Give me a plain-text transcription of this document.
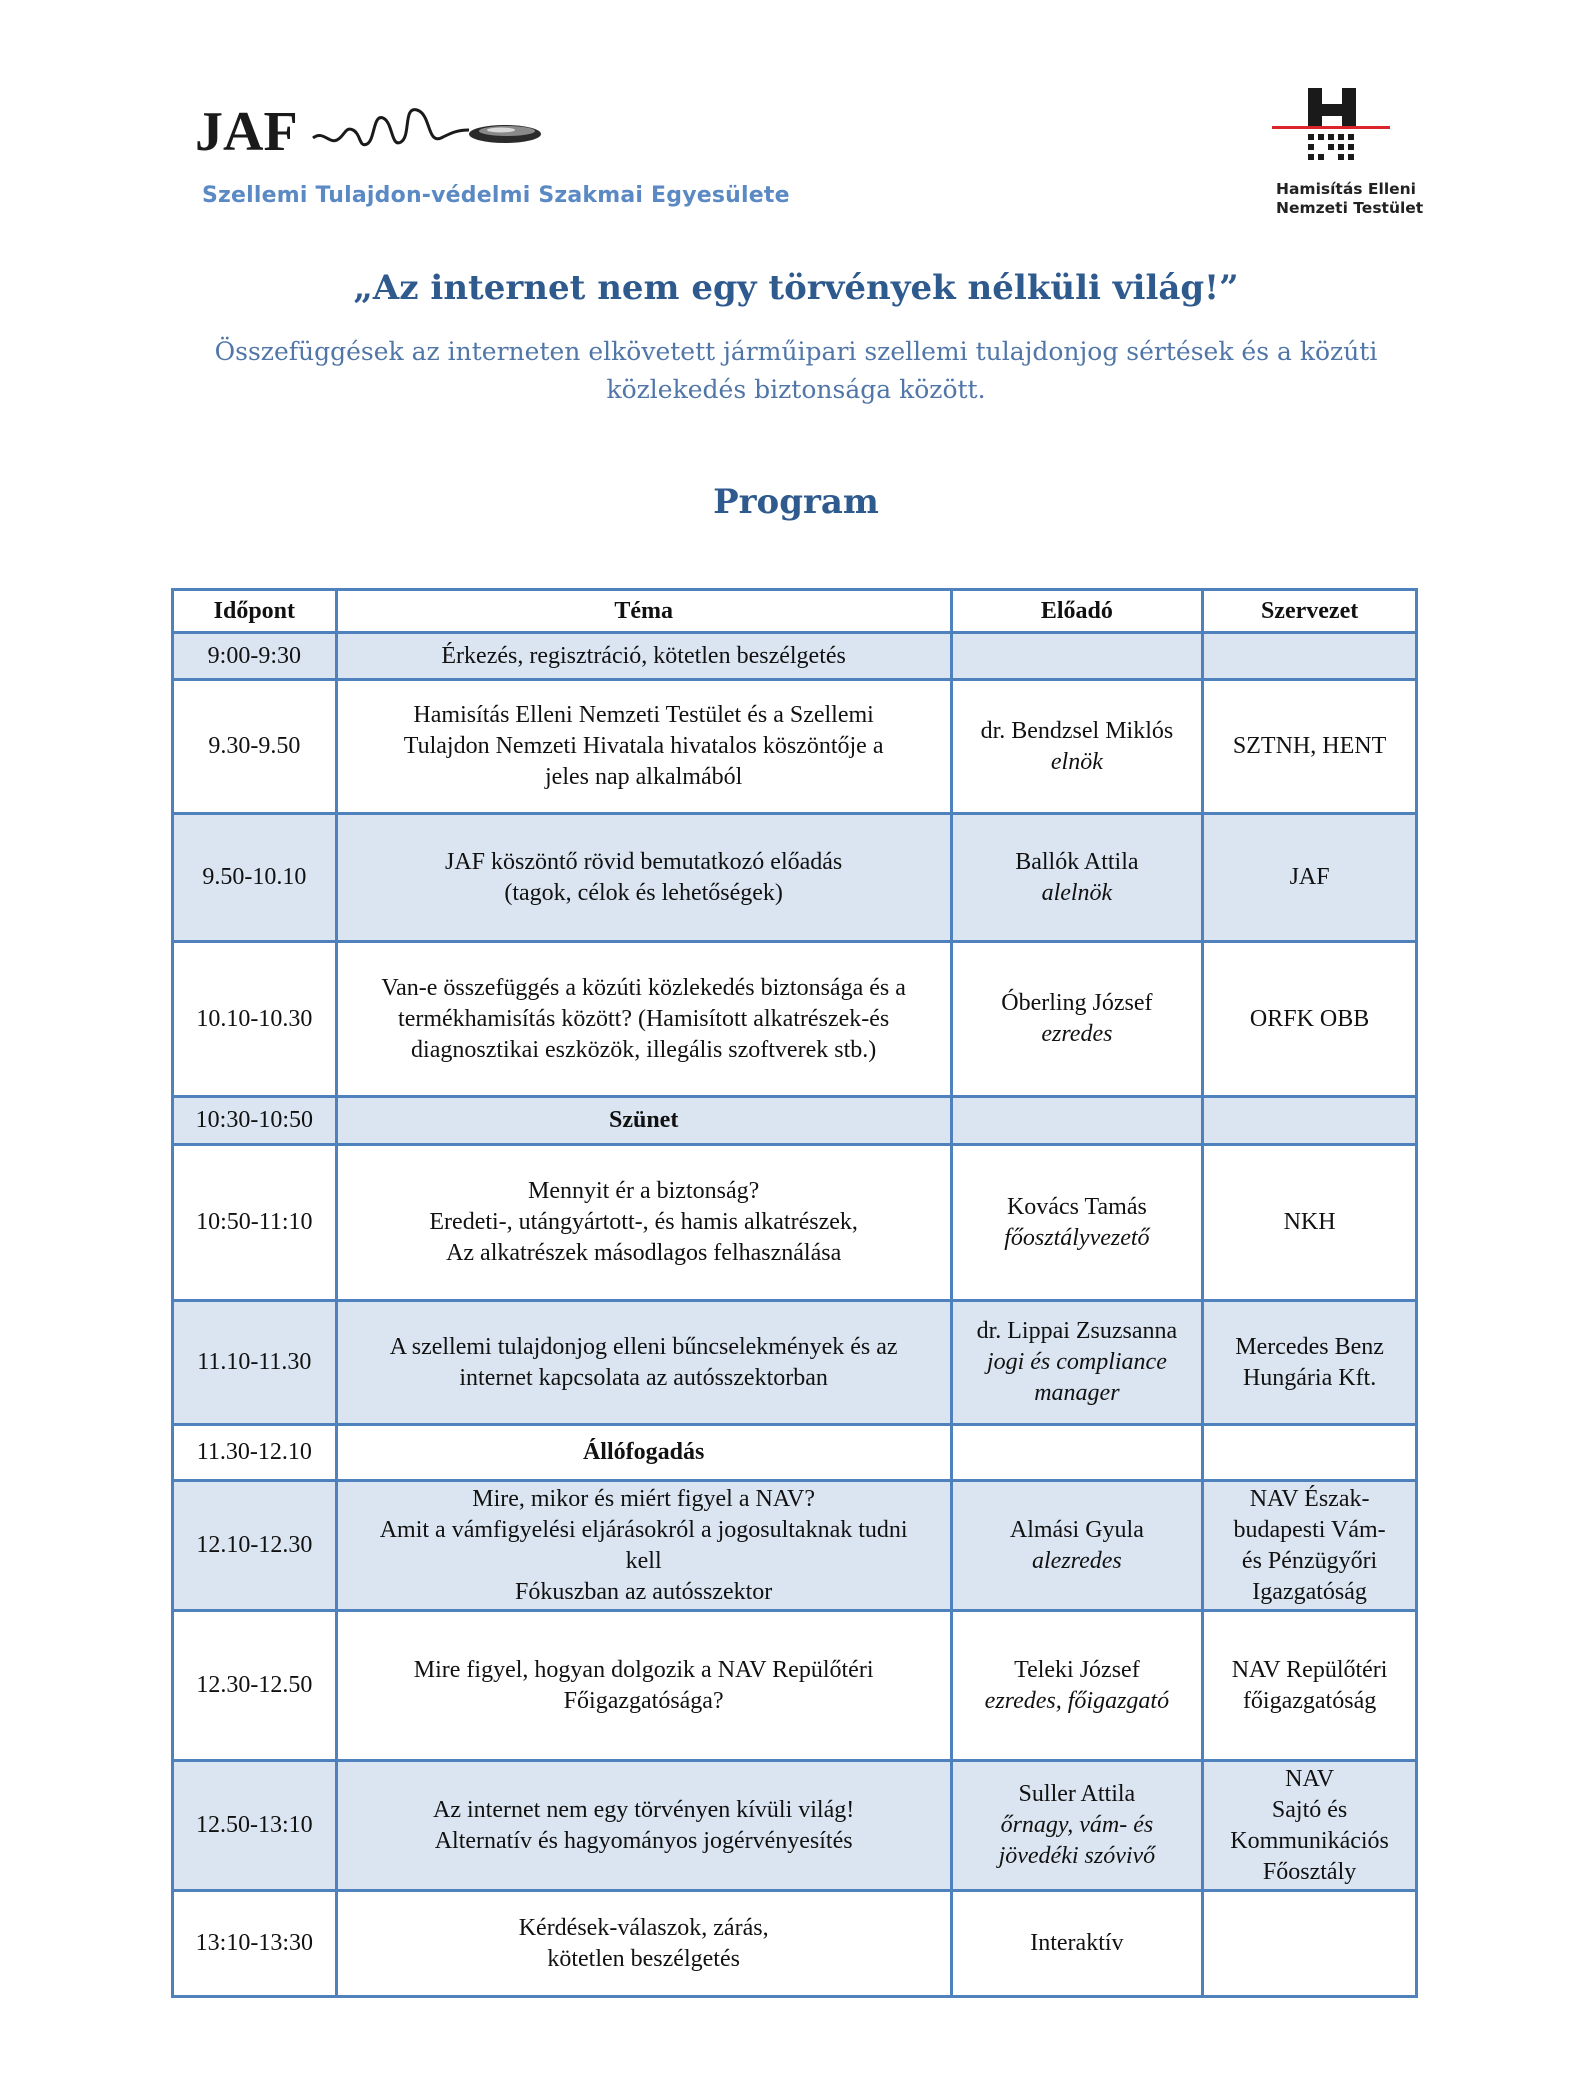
JAF
Szellemi Tulajdon-védelmi Szakmai Egyesülete	Hamisítás Elleni
Nemzeti Testület
„Az internet nem egy törvények nélküli világ!”
Összefüggések az interneten elkövetett járműipari szellemi tulajdonjog sértések és a közúti közlekedés biztonsága között.
Program
Időpont	Téma	Előadó	Szervezet
9:00-9:30	Érkezés, regisztráció, kötetlen beszélgetés		

9.30-9.50	Hamisítás Elleni Nemzeti Testület és a Szellemi
Tulajdon Nemzeti Hivatala hivatalos köszöntője a
jeles nap alkalmából	dr. Bendzsel Miklós
elnök	SZTNH, HENT

9.50-10.10	JAF köszöntő rövid bemutatkozó előadás
(tagok, célok és lehetőségek)	Ballók Attila
alelnök	JAF

10.10-10.30	Van-e összefüggés a közúti közlekedés biztonsága és a
termékhamisítás között? (Hamisított alkatrészek-és
diagnosztikai eszközök, illegális szoftverek stb.)	Óberling József
ezredes	ORFK OBB

10:30-10:50	Szünet		

10:50-11:10	Mennyit ér a biztonság?
Eredeti-, utángyártott-, és hamis alkatrészek,
Az alkatrészek másodlagos felhasználása	Kovács Tamás
főosztályvezető	NKH

11.10-11.30	A szellemi tulajdonjog elleni bűncselekmények és az
internet kapcsolata az autósszektorban	dr. Lippai Zsuzsanna
jogi és compliance manager	Mercedes Benz
Hungária Kft.

11.30-12.10	Állófogadás		

12.10-12.30	Mire, mikor és miért figyel a NAV?
Amit a vámfigyelési eljárásokról a jogosultaknak tudni
kell
Fókuszban az autósszektor	Almási Gyula
alezredes	NAV Észak-
budapesti Vám-
és Pénzügyőri
Igazgatóság

12.30-12.50	Mire figyel, hogyan dolgozik a NAV Repülőtéri
Főigazgatósága?	Teleki József
ezredes, főigazgató	NAV Repülőtéri
főigazgatóság

12.50-13:10	Az internet nem egy törvényen kívüli világ!
Alternatív és hagyományos jogérvényesítés	Suller Attila
őrnagy, vám- és jövedéki szóvivő	NAV
Sajtó és
Kommunikációs
Főosztály

13:10-13:30	Kérdések-válaszok, zárás,
kötetlen beszélgetés	Interaktív	
